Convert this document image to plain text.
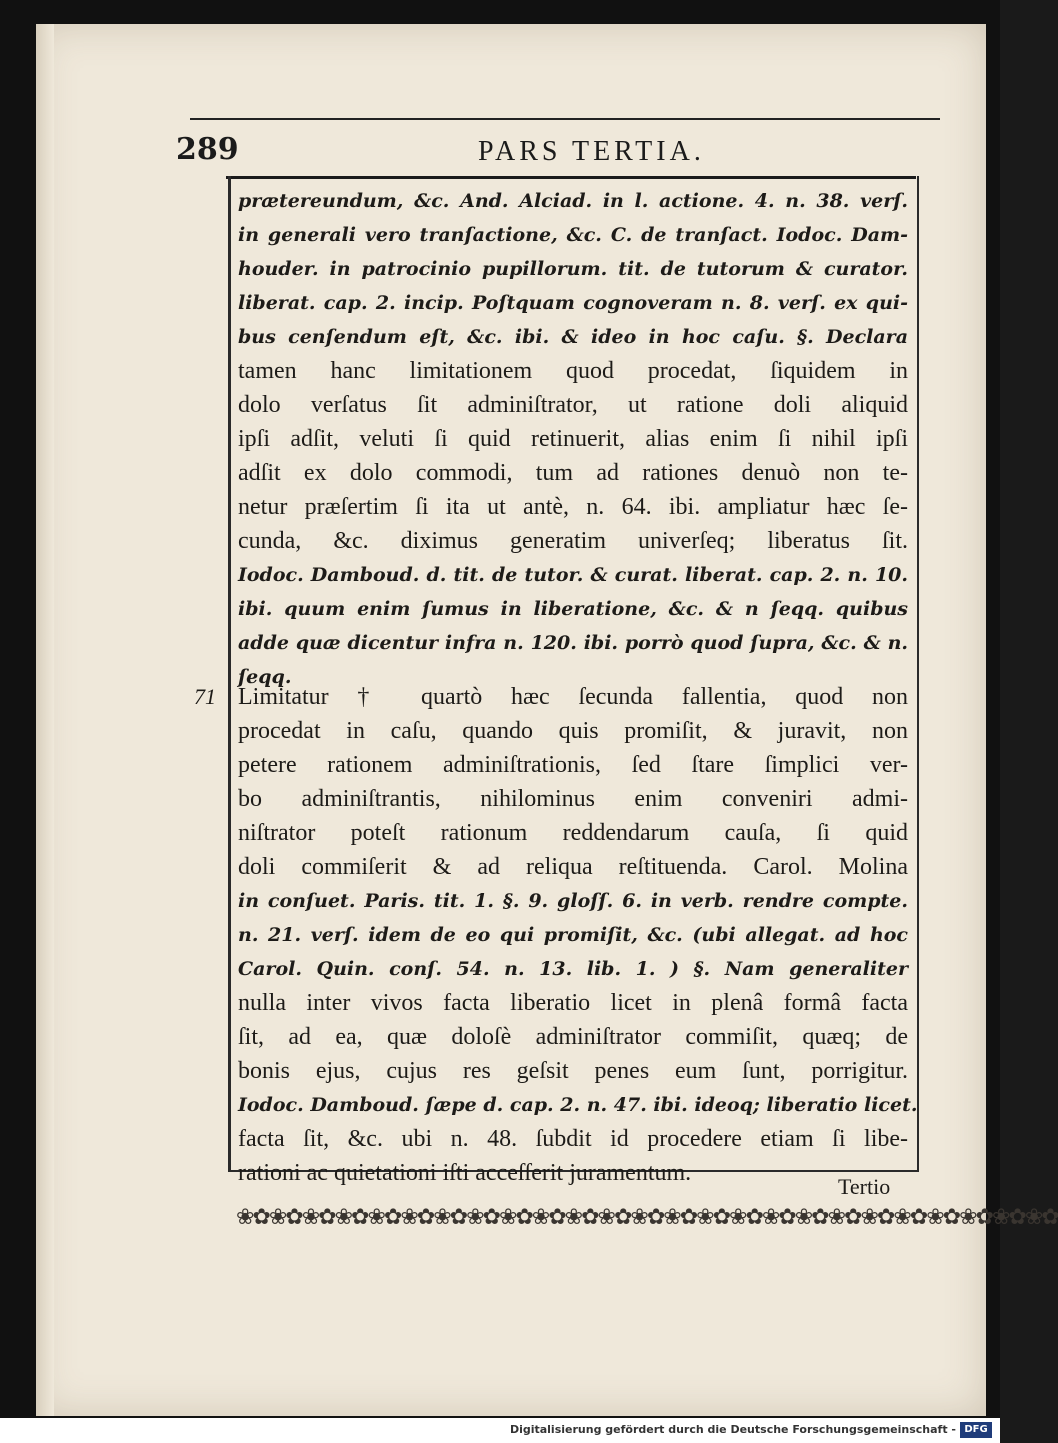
289	PARS TERTIA.
prætereundum, &c. And. Alciad. in l. actione. 4. n. 38. verſ.
in generali vero tranſactione, &c. C. de tranſact. Iodoc. Dam-
houder. in patrocinio pupillorum. tit. de tutorum & curator.
liberat. cap. 2. incip. Poſtquam cognoveram n. 8. verſ. ex qui-
bus cenſendum eſt, &c. ibi. & ideo in hoc caſu. §. Declara
tamen hanc limitationem quod procedat, ſiquidem in
dolo verſatus ſit adminiſtrator, ut ratione doli aliquid
ipſi adſit, veluti ſi quid retinuerit, alias enim ſi nihil ipſi
adſit ex dolo commodi, tum ad rationes denuò non te-
netur præſertim ſi ita ut antè, n. 64. ibi. ampliatur hæc ſe-
cunda, &c. diximus generatim univerſeq; liberatus ſit.
Iodoc. Damboud. d. tit. de tutor. & curat. liberat. cap. 2. n. 10.
ibi. quum enim ſumus in liberatione, &c. & n ſeqq. quibus
adde quæ dicentur infra n. 120. ibi. porrò quod ſupra, &c. & n.
ſeqq.
71 Limitatur † quartò hæc ſecunda fallentia, quod non
procedat in caſu, quando quis promiſit, & juravit, non
petere rationem adminiſtrationis, ſed ſtare ſimplici ver-
bo adminiſtrantis, nihilominus enim conveniri admi-
niſtrator poteſt rationum reddendarum cauſa, ſi quid
doli commiſerit & ad reliqua reſtituenda. Carol. Molina
in conſuet. Paris. tit. 1. §. 9. gloſſ. 6. in verb. rendre compte.
n. 21. verſ. idem de eo qui promiſit, &c. (ubi allegat. ad hoc
Carol. Quin. conſ. 54. n. 13. lib. 1. ) §. Nam generaliter
nulla inter vivos facta liberatio licet in plenâ formâ facta
ſit, ad ea, quæ doloſè adminiſtrator commiſit, quæq; de
bonis ejus, cujus res geſsit penes eum ſunt, porrigitur.
Iodoc. Damboud. ſæpe d. cap. 2. n. 47. ibi. ideoq; liberatio licet.
facta ſit, &c. ubi n. 48. ſubdit id procedere etiam ſi libe-
rationi ac quietationi iſti acceſſerit juramentum.
Tertio
❀✿❀✿❀✿❀✿❀✿❀✿❀✿❀✿❀✿❀✿❀✿❀✿❀✿❀✿❀✿❀✿❀✿❀✿❀✿❀✿❀✿❀✿❀✿❀✿❀✿
Digitalisierung gefördert durch die Deutsche Forschungsgemeinschaft - DFG
